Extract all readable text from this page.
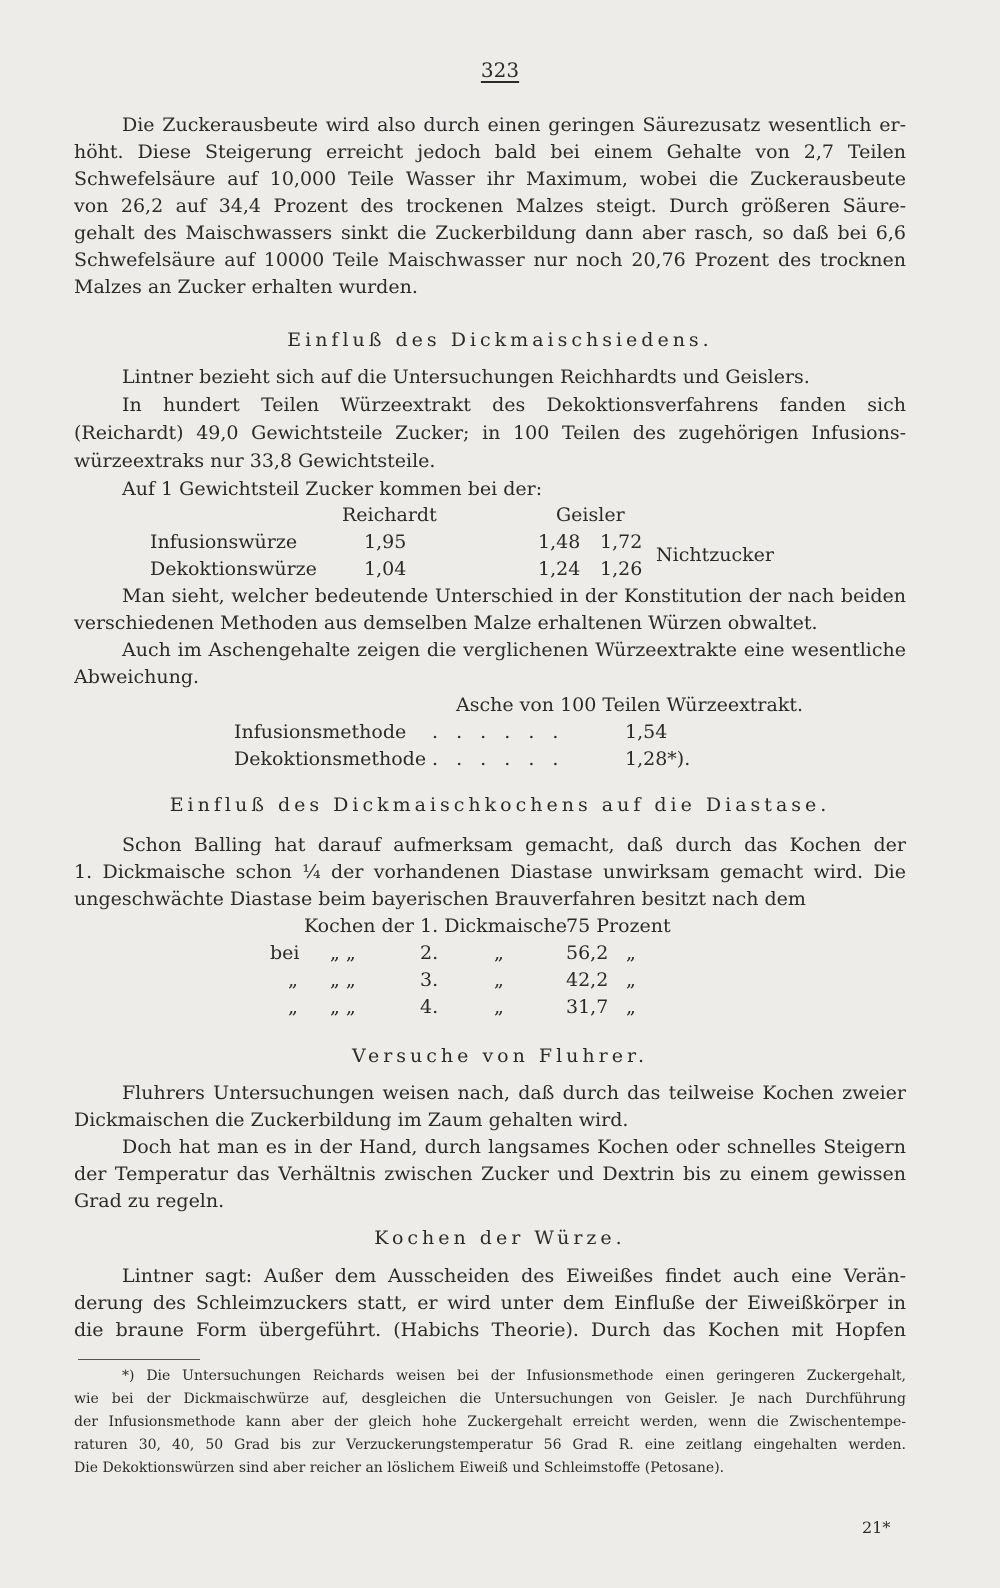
323
Die Zuckerausbeute wird also durch einen geringen Säurezusatz wesentlich er-
höht. Diese Steigerung erreicht jedoch bald bei einem Gehalte von 2,7 Teilen
Schwefelsäure auf 10,000 Teile Wasser ihr Maximum, wobei die Zuckerausbeute
von 26,2 auf 34,4 Prozent des trockenen Malzes steigt. Durch größeren Säure-
gehalt des Maischwassers sinkt die Zuckerbildung dann aber rasch, so daß bei 6,6
Schwefelsäure auf 10000 Teile Maischwasser nur noch 20,76 Prozent des trocknen
Malzes an Zucker erhalten wurden.
Einfluß des Dickmaischsiedens.
Lintner bezieht sich auf die Untersuchungen Reichhardts und Geislers.
In hundert Teilen Würzeextrakt des Dekoktionsverfahrens fanden sich
(Reichardt) 49,0 Gewichtsteile Zucker; in 100 Teilen des zugehörigen Infusions-
würzeextraks nur 33,8 Gewichtsteile.
Auf 1 Gewichtsteil Zucker kommen bei der:
Reichardt	Geisler
Infusionswürze	1,95	1,48 1,72
Dekoktionswürze 1,04	1,24 1,26
Nichtzucker
Man sieht, welcher bedeutende Unterschied in der Konstitution der nach beiden
verschiedenen Methoden aus demselben Malze erhaltenen Würzen obwaltet.
Auch im Aschengehalte zeigen die verglichenen Würzeextrakte eine wesentliche
Abweichung.
Asche von 100 Teilen Würzeextrakt.
Infusionsmethode . . . . . .	1,54
Dekoktionsmethode . . . . . .	1,28*).
Einfluß des Dickmaischkochens auf die Diastase.
Schon Balling hat darauf aufmerksam gemacht, daß durch das Kochen der
1. Dickmaische schon ¼ der vorhandenen Diastase unwirksam gemacht wird. Die
ungeschwächte Diastase beim bayerischen Brauverfahren besitzt nach dem
Kochen der 1. Dickmaische 75 Prozent
bei „ „	2.	„	56,2 „
„ „ „	3.	„	42,2 „
„ „ „	4.	„	31,7 „
Versuche von Fluhrer.
Fluhrers Untersuchungen weisen nach, daß durch das teilweise Kochen zweier
Dickmaischen die Zuckerbildung im Zaum gehalten wird.
Doch hat man es in der Hand, durch langsames Kochen oder schnelles Steigern
der Temperatur das Verhältnis zwischen Zucker und Dextrin bis zu einem gewissen
Grad zu regeln.
Kochen der Würze.
Lintner sagt: Außer dem Ausscheiden des Eiweißes findet auch eine Verän-
derung des Schleimzuckers statt, er wird unter dem Einfluße der Eiweißkörper in
die braune Form übergeführt. (Habichs Theorie). Durch das Kochen mit Hopfen
*) Die Untersuchungen Reichards weisen bei der Infusionsmethode einen geringeren Zuckergehalt,
wie bei der Dickmaischwürze auf, desgleichen die Untersuchungen von Geisler. Je nach Durchführung
der Infusionsmethode kann aber der gleich hohe Zuckergehalt erreicht werden, wenn die Zwischentempe-
raturen 30, 40, 50 Grad bis zur Verzuckerungstemperatur 56 Grad R. eine zeitlang eingehalten werden.
Die Dekoktionswürzen sind aber reicher an löslichem Eiweiß und Schleimstoffe (Petosane).
21*
